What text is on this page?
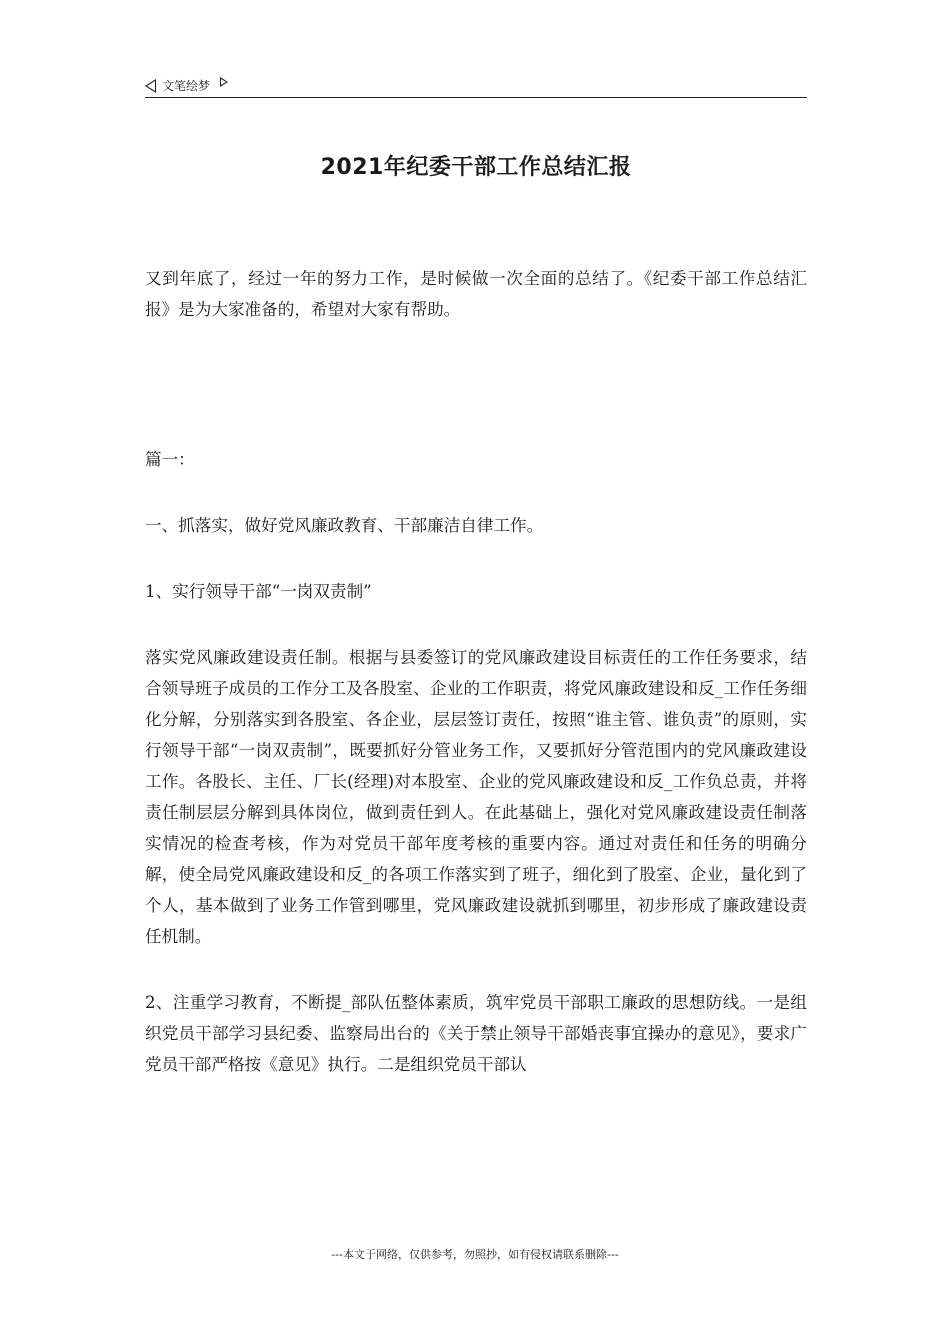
文笔绘梦
2021年纪委干部工作总结汇报

又到年底了，经过一年的努力工作，是时候做一次全面的总结了。《纪委干部工作总结汇报》是为大家准备的，希望对大家有帮助。

篇一：

一、抓落实，做好党风廉政教育、干部廉洁自律工作。

1、实行领导干部“一岗双责制”

落实党风廉政建设责任制。根据与县委签订的党风廉政建设目标责任的工作任务要求，结合领导班子成员的工作分工及各股室、企业的工作职责，将党风廉政建设和反_工作任务细化分解，分别落实到各股室、各企业，层层签订责任，按照“谁主管、谁负责”的原则，实行领导干部“一岗双责制”，既要抓好分管业务工作，又要抓好分管范围内的党风廉政建设工作。各股长、主任、厂长(经理)对本股室、企业的党风廉政建设和反_工作负总责，并将责任制层层分解到具体岗位，做到责任到人。在此基础上，强化对党风廉政建设责任制落实情况的检查考核，作为对党员干部年度考核的重要内容。通过对责任和任务的明确分解，使全局党风廉政建设和反_的各项工作落实到了班子，细化到了股室、企业，量化到了个人，基本做到了业务工作管到哪里，党风廉政建设就抓到哪里，初步形成了廉政建设责任机制。

2、注重学习教育，不断提_部队伍整体素质，筑牢党员干部职工廉政的思想防线。一是组织党员干部学习县纪委、监察局出台的《关于禁止领导干部婚丧事宜操办的意见》，要求广党员干部严格按《意见》执行。二是组织党员干部认

---本文于网络，仅供参考，勿照抄，如有侵权请联系删除---
